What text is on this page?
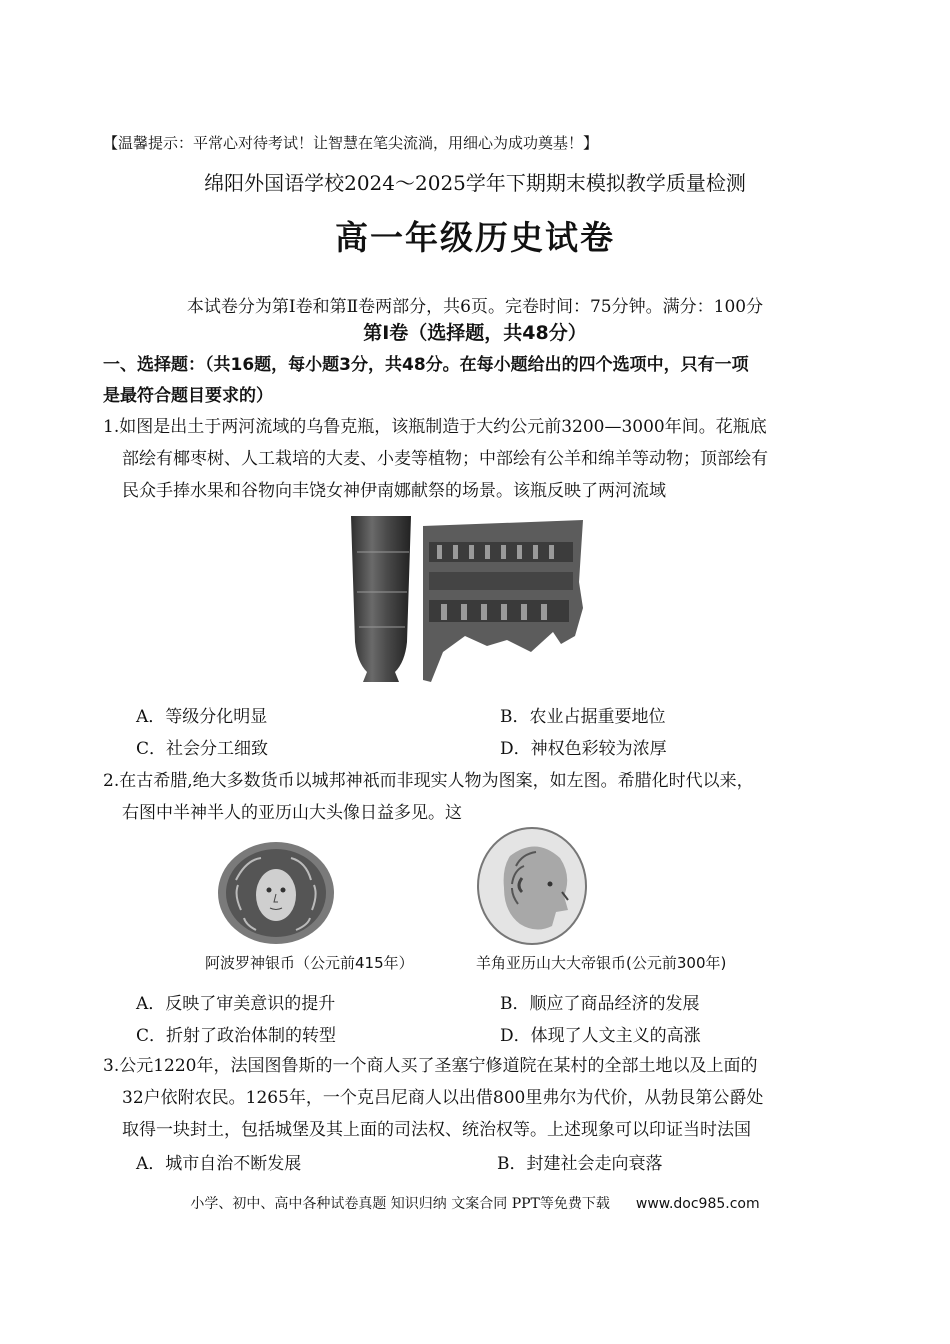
【温馨提示：平常心对待考试！让智慧在笔尖流淌，用细心为成功奠基！】
绵阳外国语学校2024～2025学年下期期末模拟教学质量检测
高一年级历史试卷
本试卷分为第Ⅰ卷和第Ⅱ卷两部分，共6页。完卷时间：75分钟。满分：100分
第Ⅰ卷（选择题，共48分）
一、选择题：（共16题，每小题3分，共48分。在每小题给出的四个选项中，只有一项
是最符合题目要求的）
1.如图是出土于两河流域的乌鲁克瓶，该瓶制造于大约公元前3200—3000年间。花瓶底
部绘有椰枣树、人工栽培的大麦、小麦等植物；中部绘有公羊和绵羊等动物；顶部绘有
民众手捧水果和谷物向丰饶女神伊南娜献祭的场景。该瓶反映了两河流域
A．等级分化明显	B．农业占据重要地位
C．社会分工细致	D．神权色彩较为浓厚
2.在古希腊,绝大多数货币以城邦神祇而非现实人物为图案，如左图。希腊化时代以来，
右图中半神半人的亚历山大头像日益多见。这
阿波罗神银币（公元前415年）	羊角亚历山大大帝银币(公元前300年)
A．反映了审美意识的提升	B．顺应了商品经济的发展
C．折射了政治体制的转型	D．体现了人文主义的高涨
3.公元1220年，法国图鲁斯的一个商人买了圣塞宁修道院在某村的全部土地以及上面的
32户依附农民。1265年，一个克吕尼商人以出借800里弗尔为代价，从勃艮第公爵处
取得一块封土，包括城堡及其上面的司法权、统治权等。上述现象可以印证当时法国
A．城市自治不断发展	B．封建社会走向衰落
小学、初中、高中各种试卷真题 知识归纳 文案合同 PPT等免费下载 www.doc985.com
